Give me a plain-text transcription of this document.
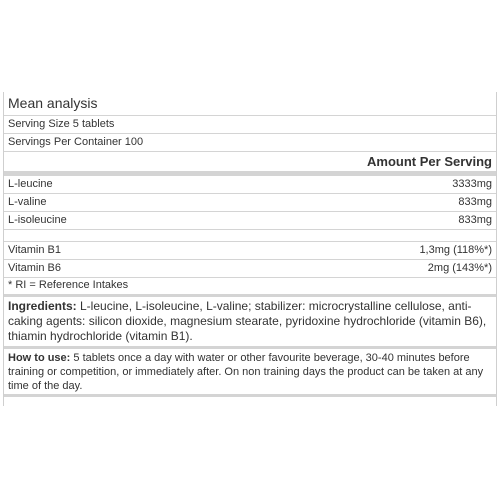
Mean analysis
Serving Size 5 tablets
Servings Per Container 100
Amount Per Serving
L-leucine	3333mg
L-valine	833mg
L-isoleucine	833mg
Vitamin B1	1,3mg (118%*)
Vitamin B6	2mg (143%*)
* RI = Reference Intakes
Ingredients: L-leucine, L-isoleucine, L-valine; stabilizer: microcrystalline cellulose, anti-caking agents: silicon dioxide, magnesium stearate, pyridoxine hydrochloride (vitamin B6), thiamin hydrochloride (vitamin B1).
How to use: 5 tablets once a day with water or other favourite beverage, 30-40 minutes before training or competition, or immediately after. On non training days the product can be taken at any time of the day.
